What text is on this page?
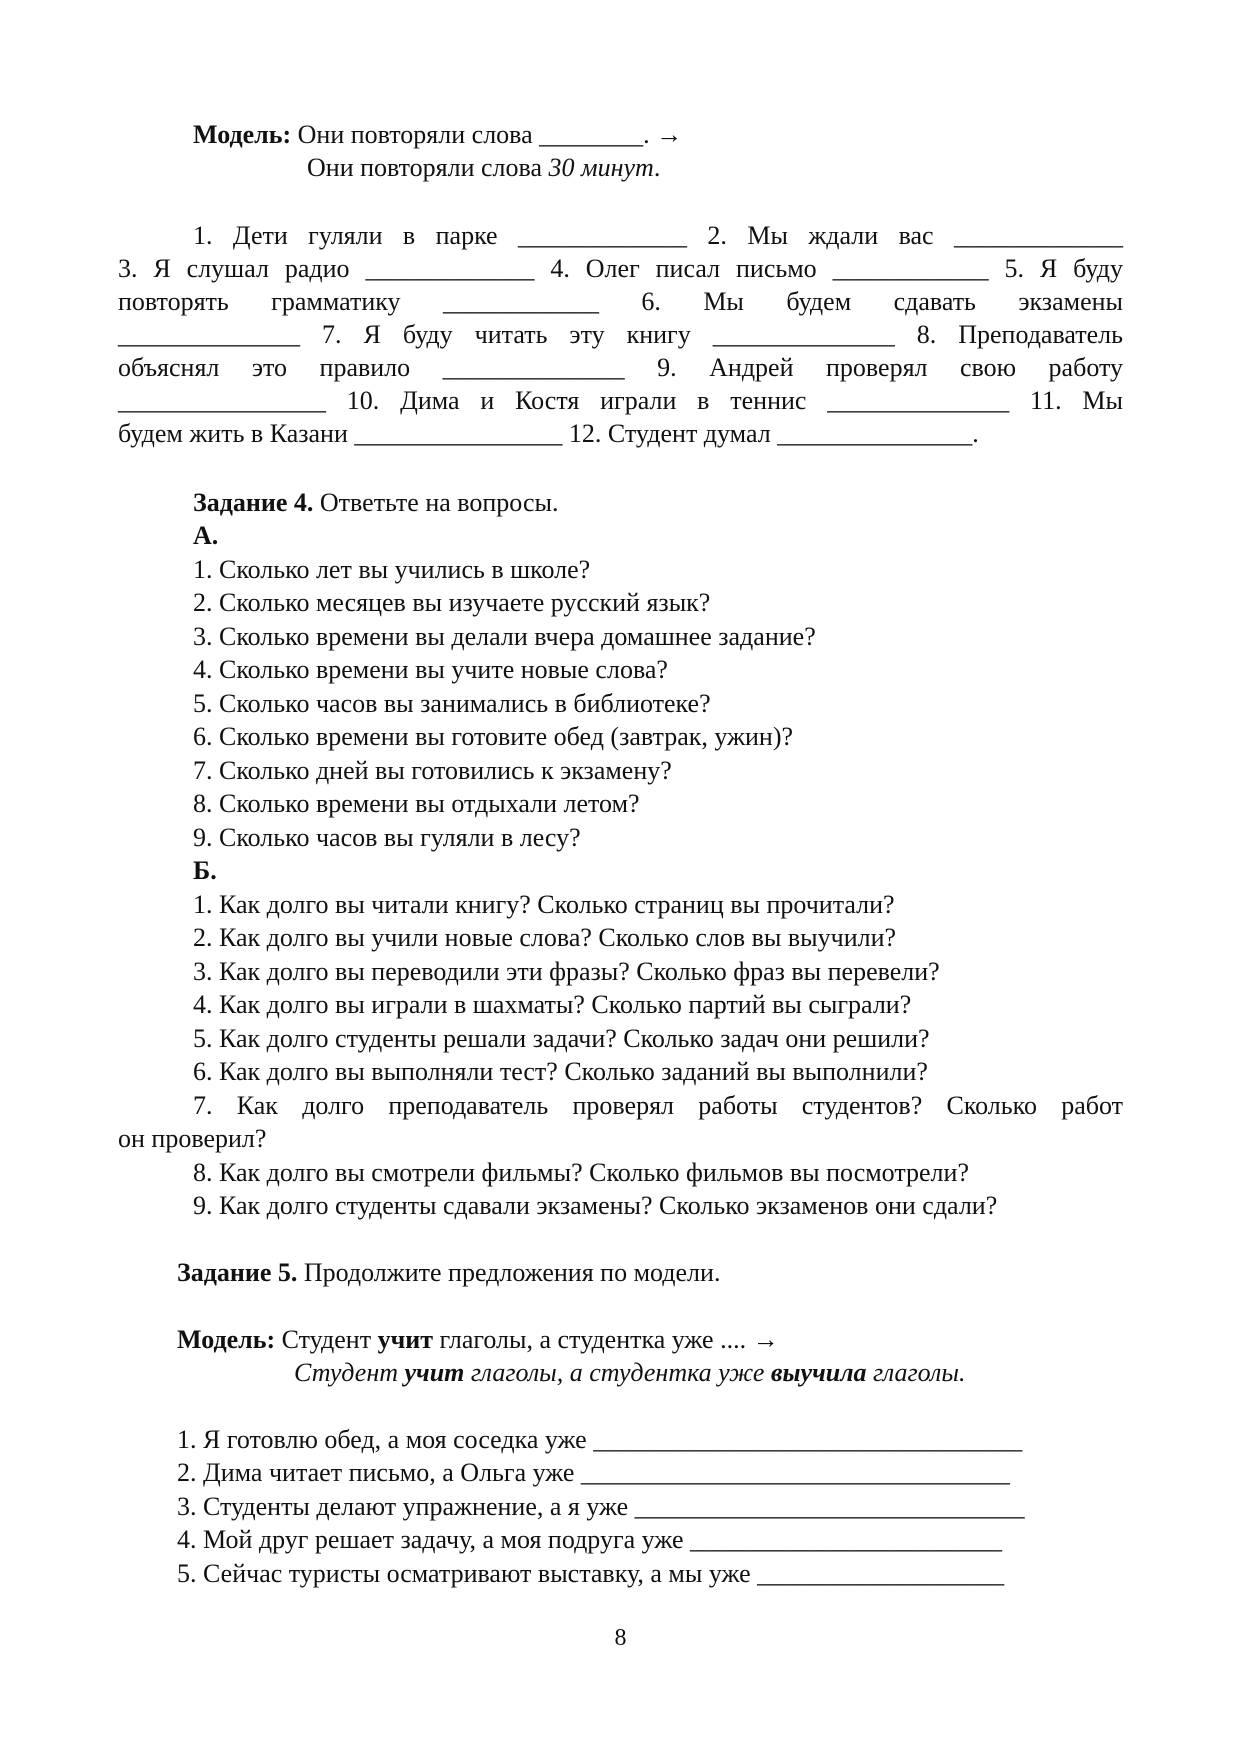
Модель: Они повторяли слова ________. →
Они повторяли слова 30 минут.
1. Дети гуляли в парке _____________ 2. Мы ждали вас _____________
3. Я слушал радио _____________ 4. Олег писал письмо ____________ 5. Я буду
повторять грамматику ____________ 6. Мы будем сдавать экзамены
______________ 7. Я буду читать эту книгу ______________ 8. Преподаватель
объяснял это правило ______________ 9. Андрей проверял свою работу
________________ 10. Дима и Костя играли в теннис ______________ 11. Мы
будем жить в Казани ________________ 12. Студент думал _______________.
Задание 4. Ответьте на вопросы.
А.
1. Сколько лет вы учились в школе?
2. Сколько месяцев вы изучаете русский язык?
3. Сколько времени вы делали вчера домашнее задание?
4. Сколько времени вы учите новые слова?
5. Сколько часов вы занимались в библиотеке?
6. Сколько времени вы готовите обед (завтрак, ужин)?
7. Сколько дней вы готовились к экзамену?
8. Сколько времени вы отдыхали летом?
9. Сколько часов вы гуляли в лесу?
Б.
1. Как долго вы читали книгу? Сколько страниц вы прочитали?
2. Как долго вы учили новые слова? Сколько слов вы выучили?
3. Как долго вы переводили эти фразы? Сколько фраз вы перевели?
4. Как долго вы играли в шахматы? Сколько партий вы сыграли?
5. Как долго студенты решали задачи? Сколько задач они решили?
6. Как долго вы выполняли тест? Сколько заданий вы выполнили?
7. Как долго преподаватель проверял работы студентов? Сколько работ
он проверил?
8. Как долго вы смотрели фильмы? Сколько фильмов вы посмотрели?
9. Как долго студенты сдавали экзамены? Сколько экзаменов они сдали?
Задание 5. Продолжите предложения по модели.
Модель: Студент учит глаголы, а студентка уже .... →
Студент учит глаголы, а студентка уже выучила глаголы.
1. Я готовлю обед, а моя соседка уже _________________________________
2. Дима читает письмо, а Ольга уже _________________________________
3. Студенты делают упражнение, а я уже ______________________________
4. Мой друг решает задачу, а моя подруга уже ________________________
5. Сейчас туристы осматривают выставку, а мы уже ___________________
8
